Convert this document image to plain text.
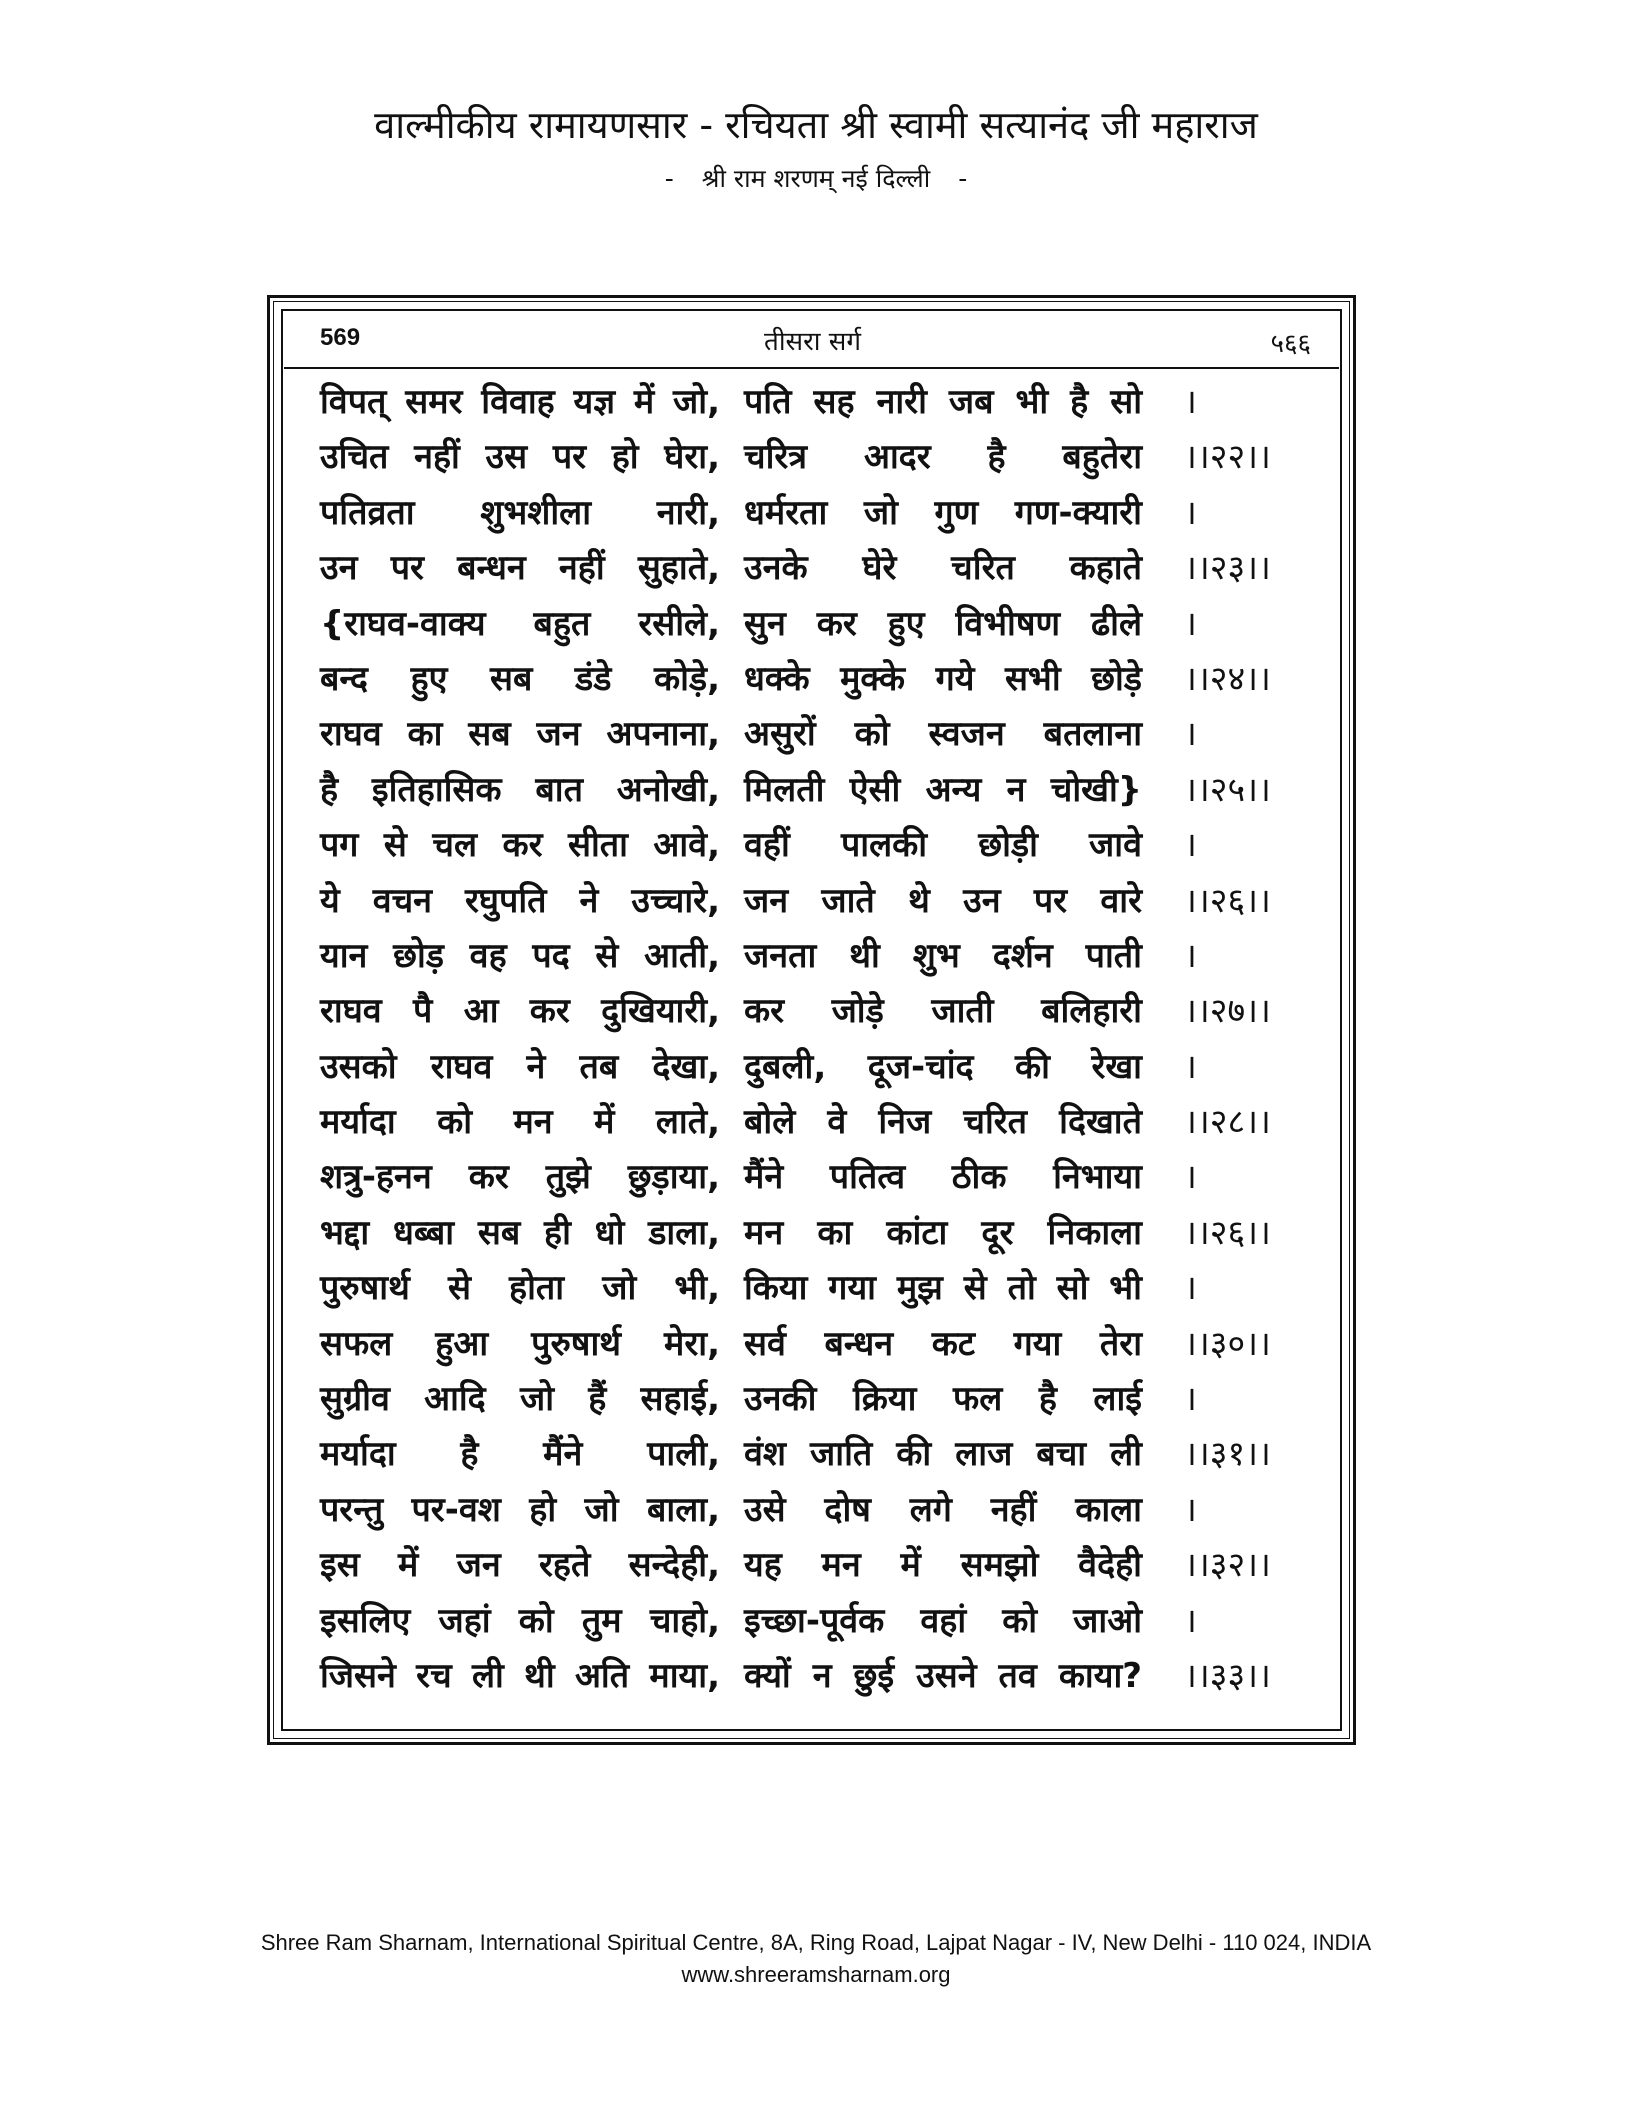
वाल्मीकीय रामायणसार - रचियता श्री स्वामी सत्यानंद जी महाराज
- श्री राम शरणम् नई दिल्ली -
569	तीसरा सर्ग	५६६
विपत् समर विवाह यज्ञ में जो, पति सह नारी जब भी है सो ।
उचित नहीं उस पर हो घेरा, चरित्र आदर है बहुतेरा ।।२२।।
पतिव्रता शुभशीला नारी, धर्मरता जो गुण गण-क्यारी ।
उन पर बन्धन नहीं सुहाते, उनके घेरे चरित कहाते ।।२३।।
{राघव-वाक्य बहुत रसीले, सुन कर हुए विभीषण ढीले ।
बन्द हुए सब डंडे कोड़े, धक्के मुक्के गये सभी छोड़े ।।२४।।
राघव का सब जन अपनाना, असुरों को स्वजन बतलाना ।
है इतिहासिक बात अनोखी, मिलती ऐसी अन्य न चोखी} ।।२५।।
पग से चल कर सीता आवे, वहीं पालकी छोड़ी जावे ।
ये वचन रघुपति ने उच्चारे, जन जाते थे उन पर वारे ।।२६।।
यान छोड़ वह पद से आती, जनता थी शुभ दर्शन पाती ।
राघव पै आ कर दुखियारी, कर जोड़े जाती बलिहारी ।।२७।।
उसको राघव ने तब देखा, दुबली, दूज-चांद की रेखा ।
मर्यादा को मन में लाते, बोले वे निज चरित दिखाते ।।२८।।
शत्रु-हनन कर तुझे छुड़ाया, मैंने पतित्व ठीक निभाया ।
भद्दा धब्बा सब ही धो डाला, मन का कांटा दूर निकाला ।।२६।।
पुरुषार्थ से होता जो भी, किया गया मुझ से तो सो भी ।
सफल हुआ पुरुषार्थ मेरा, सर्व बन्धन कट गया तेरा ।।३०।।
सुग्रीव आदि जो हैं सहाई, उनकी क्रिया फल है लाई ।
मर्यादा है मैंने पाली, वंश जाति की लाज बचा ली ।।३१।।
परन्तु पर-वश हो जो बाला, उसे दोष लगे नहीं काला ।
इस में जन रहते सन्देही, यह मन में समझो वैदेही ।।३२।।
इसलिए जहां को तुम चाहो, इच्छा-पूर्वक वहां को जाओ ।
जिसने रच ली थी अति माया, क्यों न छुई उसने तव काया? ।।३३।।
Shree Ram Sharnam, International Spiritual Centre, 8A, Ring Road, Lajpat Nagar - IV, New Delhi - 110 024, INDIA
www.shreeramsharnam.org
